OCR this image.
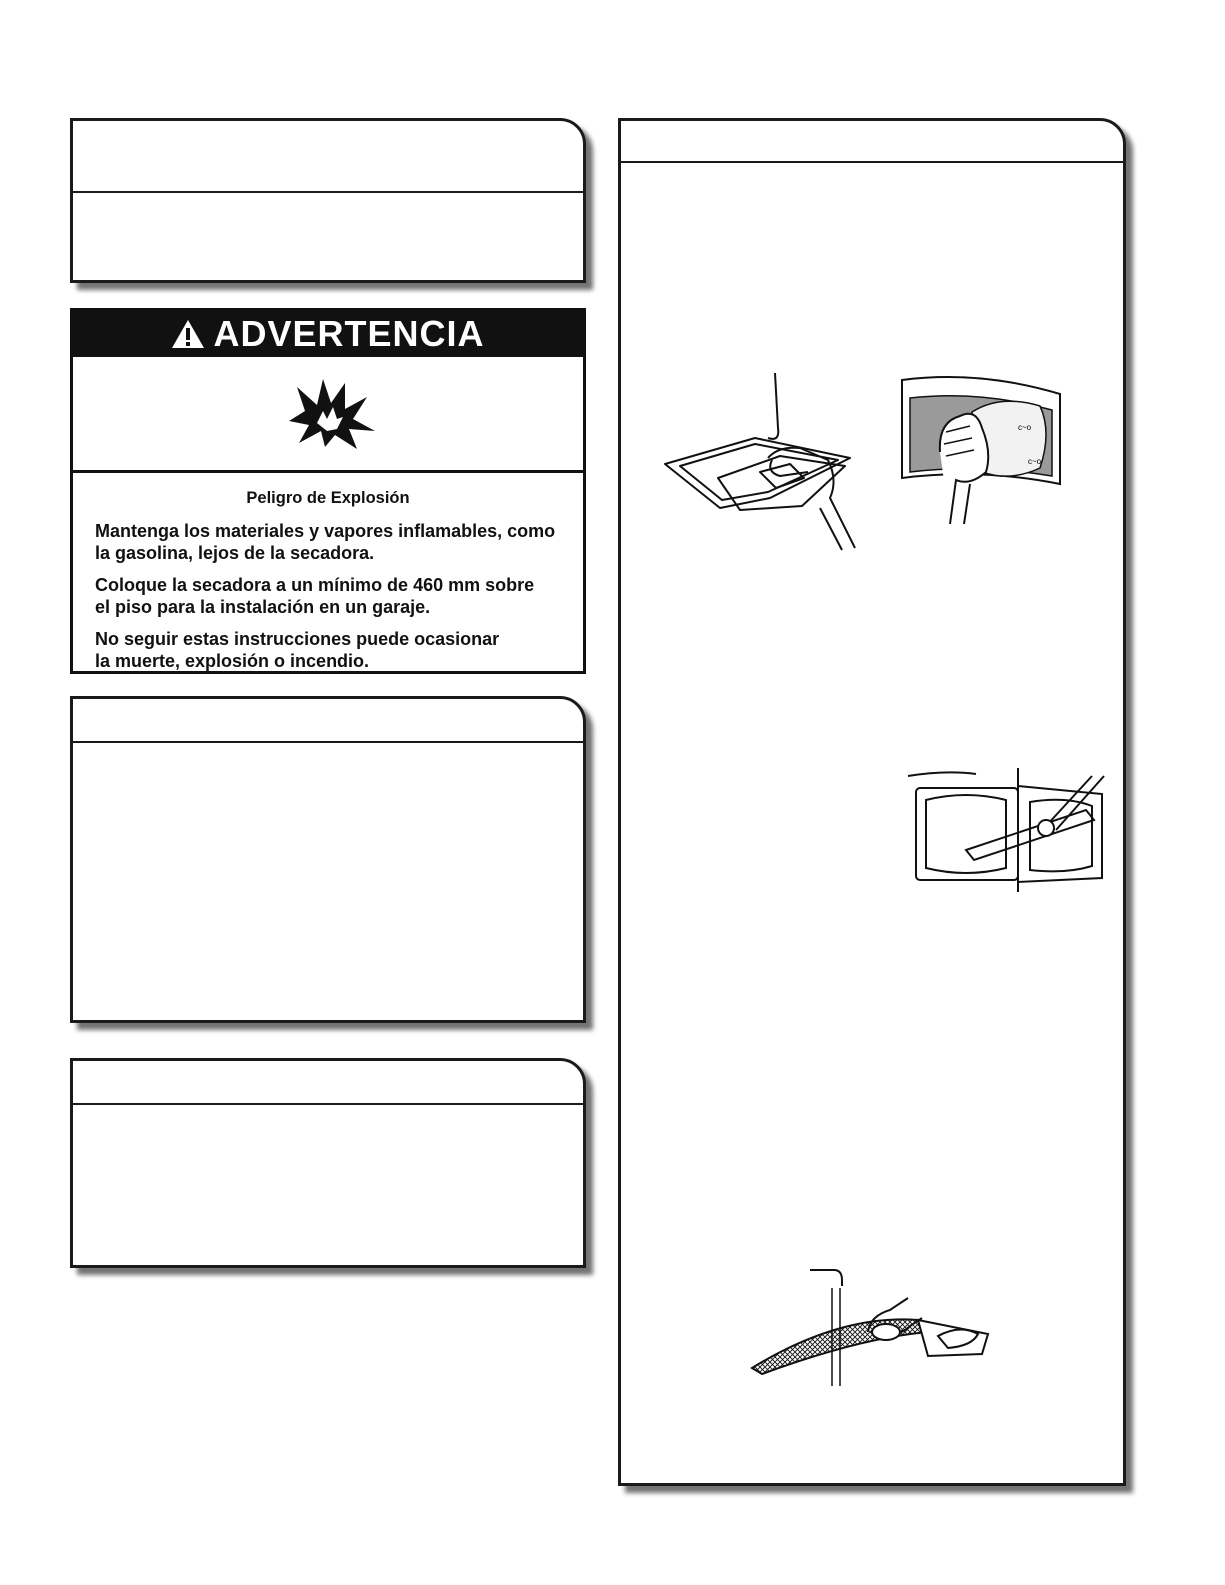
ADVERTENCIA

Peligro de Explosión

Mantenga los materiales y vapores inflamables, como
la gasolina, lejos de la secadora.

Coloque la secadora a un mínimo de 460 mm sobre
el piso para la instalación en un garaje.

No seguir estas instrucciones puede ocasionar
la muerte, explosión o incendio.

c~o
c~o
